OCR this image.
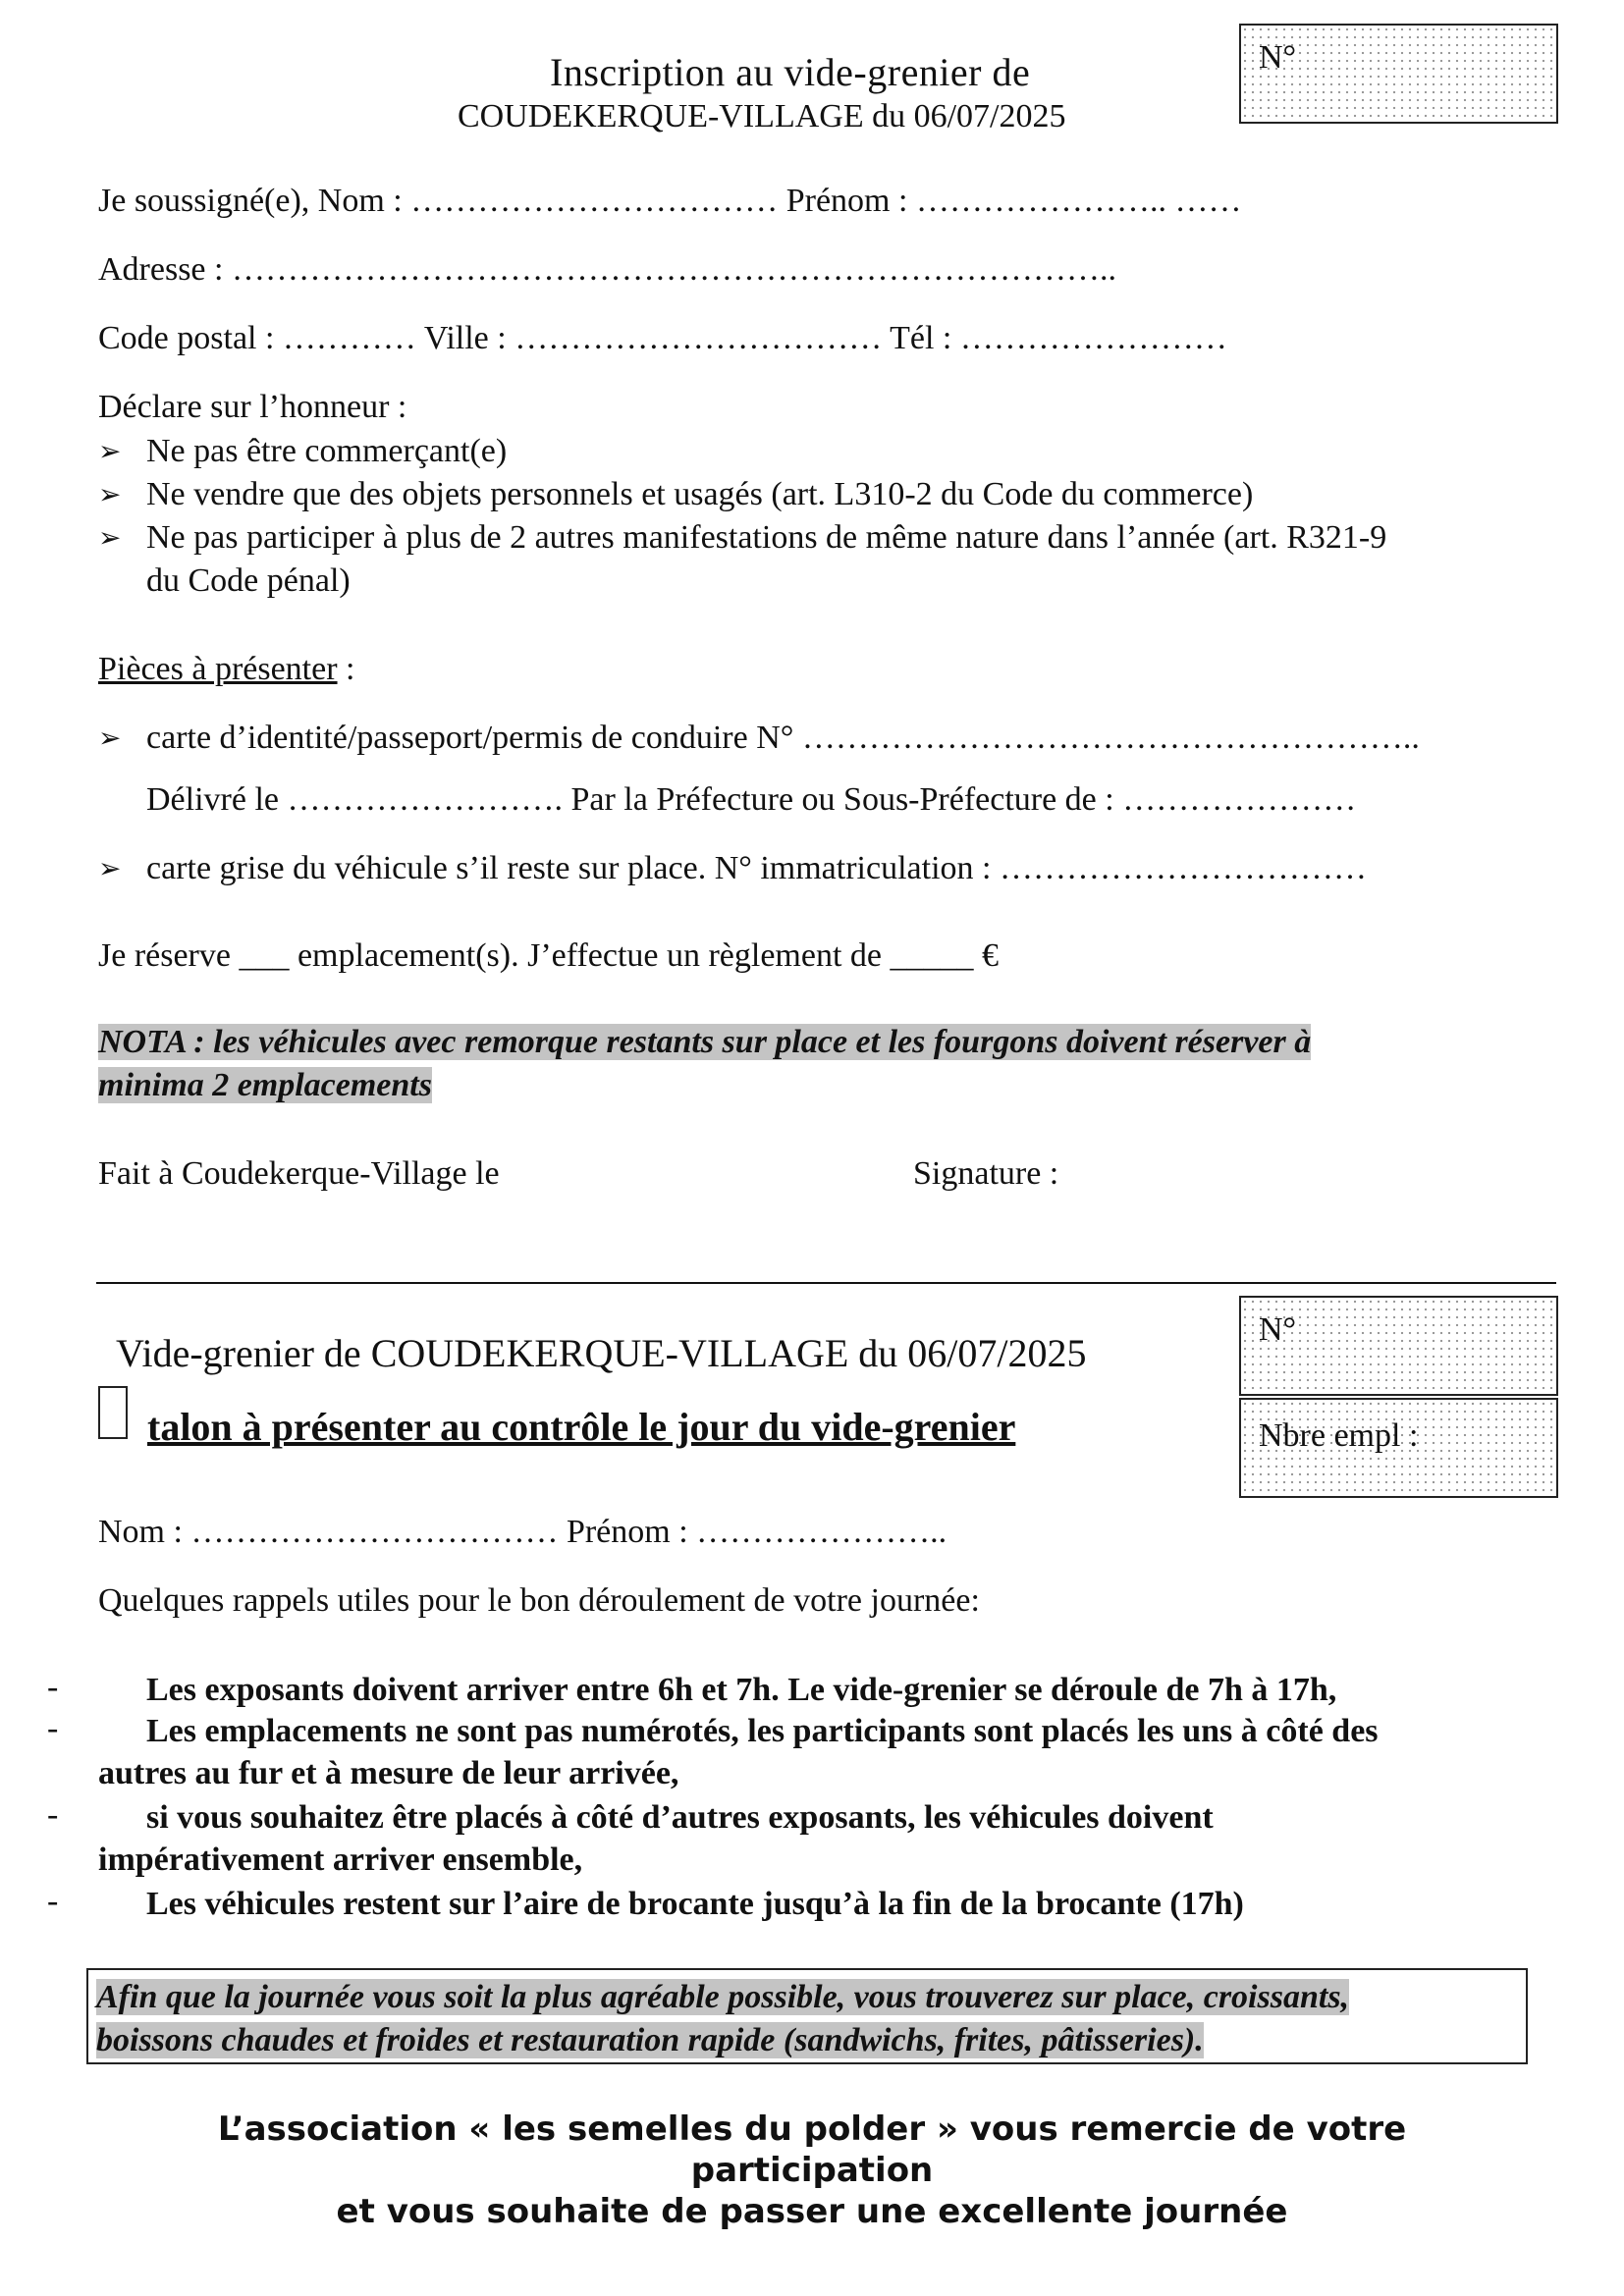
Inscription au vide-grenier de
COUDEKERQUE-VILLAGE du 06/07/2025
N°
Je soussigné(e), Nom : …………………………… Prénom : ………………….. ……
Adresse : ……………………………………………………………………..
Code postal : ………… Ville : …………………………… Tél : ……………………
Déclare sur l’honneur :
➢ Ne pas être commerçant(e)
➢ Ne vendre que des objets personnels et usagés (art. L310-2 du Code du commerce)
➢ Ne pas participer à plus de 2 autres manifestations de même nature dans l’année (art. R321-9
du Code pénal)
Pièces à présenter :
➢ carte d’identité/passeport/permis de conduire N° ………………………………………………..
Délivré le ……………………. Par la Préfecture ou Sous-Préfecture de : …………………
➢ carte grise du véhicule s’il reste sur place. N° immatriculation : ……………………………
Je réserve ___ emplacement(s). J’effectue un règlement de _____ €
NOTA : les véhicules avec remorque restants sur place et les fourgons doivent réserver à
minima 2 emplacements
Fait à Coudekerque-Village le	Signature :
Vide-grenier de COUDEKERQUE-VILLAGE du 06/07/2025
talon à présenter au contrôle le jour du vide-grenier
N°
Nbre empl :
Nom : …………………………… Prénom : …………………..
Quelques rappels utiles pour le bon déroulement de votre journée:
-	Les exposants doivent arriver entre 6h et 7h. Le vide-grenier se déroule de 7h à 17h,
-	Les emplacements ne sont pas numérotés, les participants sont placés les uns à côté des
autres au fur et à mesure de leur arrivée,
-	si vous souhaitez être placés à côté d’autres exposants, les véhicules doivent
impérativement arriver ensemble,
-	Les véhicules restent sur l’aire de brocante jusqu’à la fin de la brocante (17h)
Afin que la journée vous soit la plus agréable possible, vous trouverez sur place, croissants,
boissons chaudes et froides et restauration rapide (sandwichs, frites, pâtisseries).
L’association « les semelles du polder » vous remercie de votre
participation
et vous souhaite de passer une excellente journée
